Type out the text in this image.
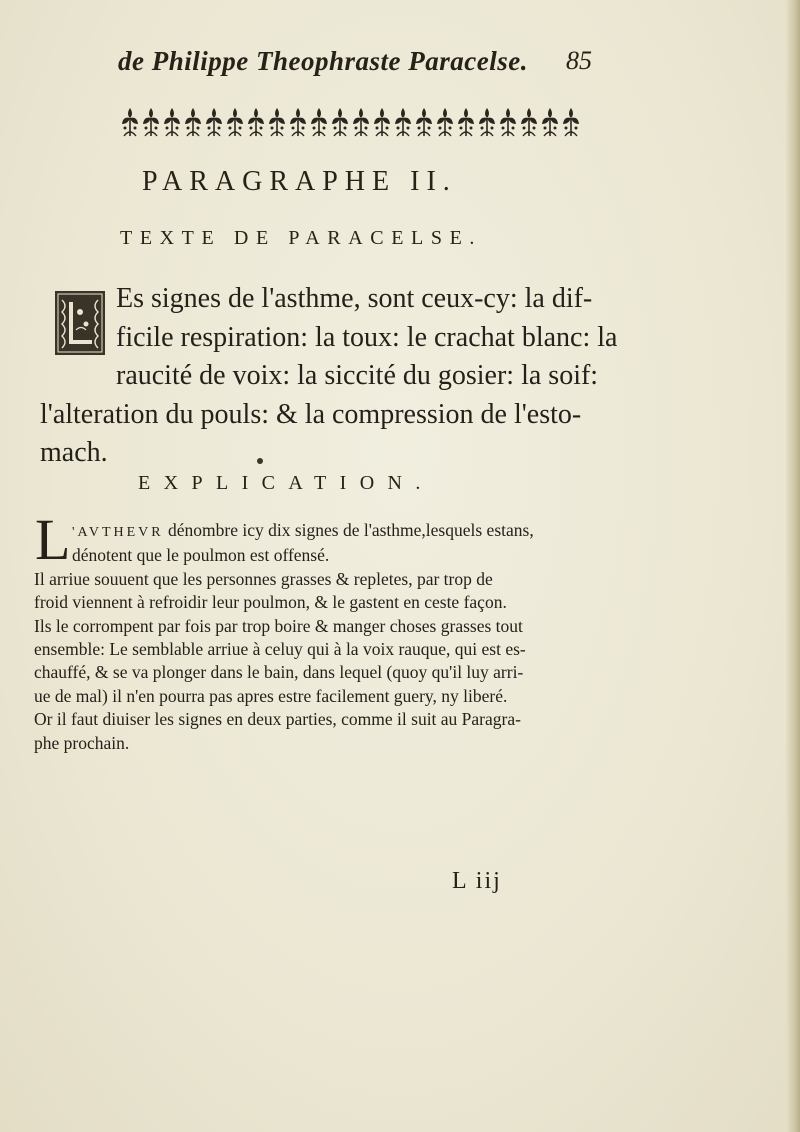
de Philippe Theophraste Paracelse. 85
PARAGRAPHE II.
TEXTE DE PARACELSE.
Es signes de l'asthme, sont ceux-cy: la dif-
ficile respiration: la toux: le crachat blanc: la
raucité de voix: la siccité du gosier: la soif:
l'alteration du pouls: & la compression de l'esto-
mach.
EXPLICATION.
L 'AVTHEVR dénombre icy dix signes de l'asthme,lesquels estans,
dénotent que le poulmon est offensé.
Il arriue souuent que les personnes grasses & repletes, par trop de
froid viennent à refroidir leur poulmon, & le gastent en ceste façon.
Ils le corrompent par fois par trop boire & manger choses grasses tout
ensemble: Le semblable arriue à celuy qui à la voix rauque, qui est es-
chauffé, & se va plonger dans le bain, dans lequel (quoy qu'il luy arri-
ue de mal) il n'en pourra pas apres estre facilement guery, ny liberé.
Or il faut diuiser les signes en deux parties, comme il suit au Paragra-
phe prochain.
L iij
